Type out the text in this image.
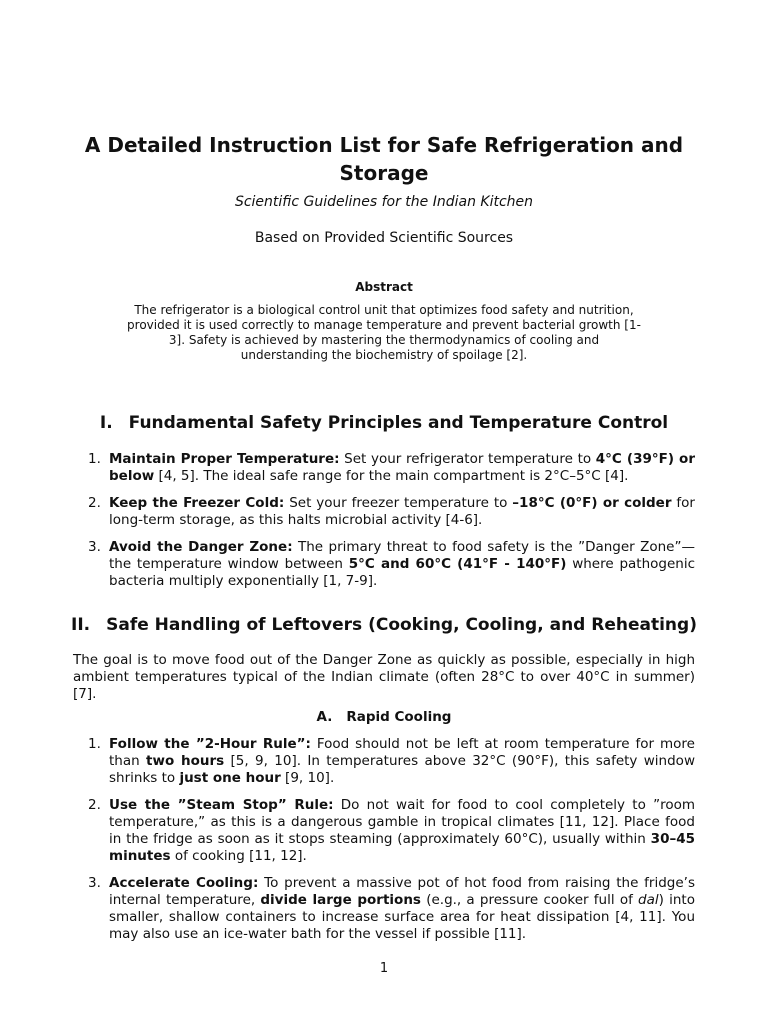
A Detailed Instruction List for Safe Refrigeration and Storage
Scientific Guidelines for the Indian Kitchen
Based on Provided Scientific Sources
Abstract
The refrigerator is a biological control unit that optimizes food safety and nutrition, provided it is used correctly to manage temperature and prevent bacterial growth [1-3]. Safety is achieved by mastering the thermodynamics of cooling and understanding the biochemistry of spoilage [2].
I. Fundamental Safety Principles and Temperature Control
1. Maintain Proper Temperature: Set your refrigerator temperature to 4°C (39°F) or below [4, 5]. The ideal safe range for the main compartment is 2°C–5°C [4].
2. Keep the Freezer Cold: Set your freezer temperature to –18°C (0°F) or colder for long-term storage, as this halts microbial activity [4-6].
3. Avoid the Danger Zone: The primary threat to food safety is the ”Danger Zone”—the temperature window between 5°C and 60°C (41°F - 140°F) where pathogenic bacteria multiply exponentially [1, 7-9].
II. Safe Handling of Leftovers (Cooking, Cooling, and Reheating)

The goal is to move food out of the Danger Zone as quickly as possible, especially in high ambient temperatures typical of the Indian climate (often 28°C to over 40°C in summer) [7].

A. Rapid Cooling
1. Follow the ”2-Hour Rule”: Food should not be left at room temperature for more than two hours [5, 9, 10]. In temperatures above 32°C (90°F), this safety window shrinks to just one hour [9, 10].
2. Use the ”Steam Stop” Rule: Do not wait for food to cool completely to ”room temperature,” as this is a dangerous gamble in tropical climates [11, 12]. Place food in the fridge as soon as it stops steaming (approximately 60°C), usually within 30–45 minutes of cooking [11, 12].
3. Accelerate Cooling: To prevent a massive pot of hot food from raising the fridge’s internal temperature, divide large portions (e.g., a pressure cooker full of dal) into smaller, shallow containers to increase surface area for heat dissipation [4, 11]. You may also use an ice-water bath for the vessel if possible [11].
1
